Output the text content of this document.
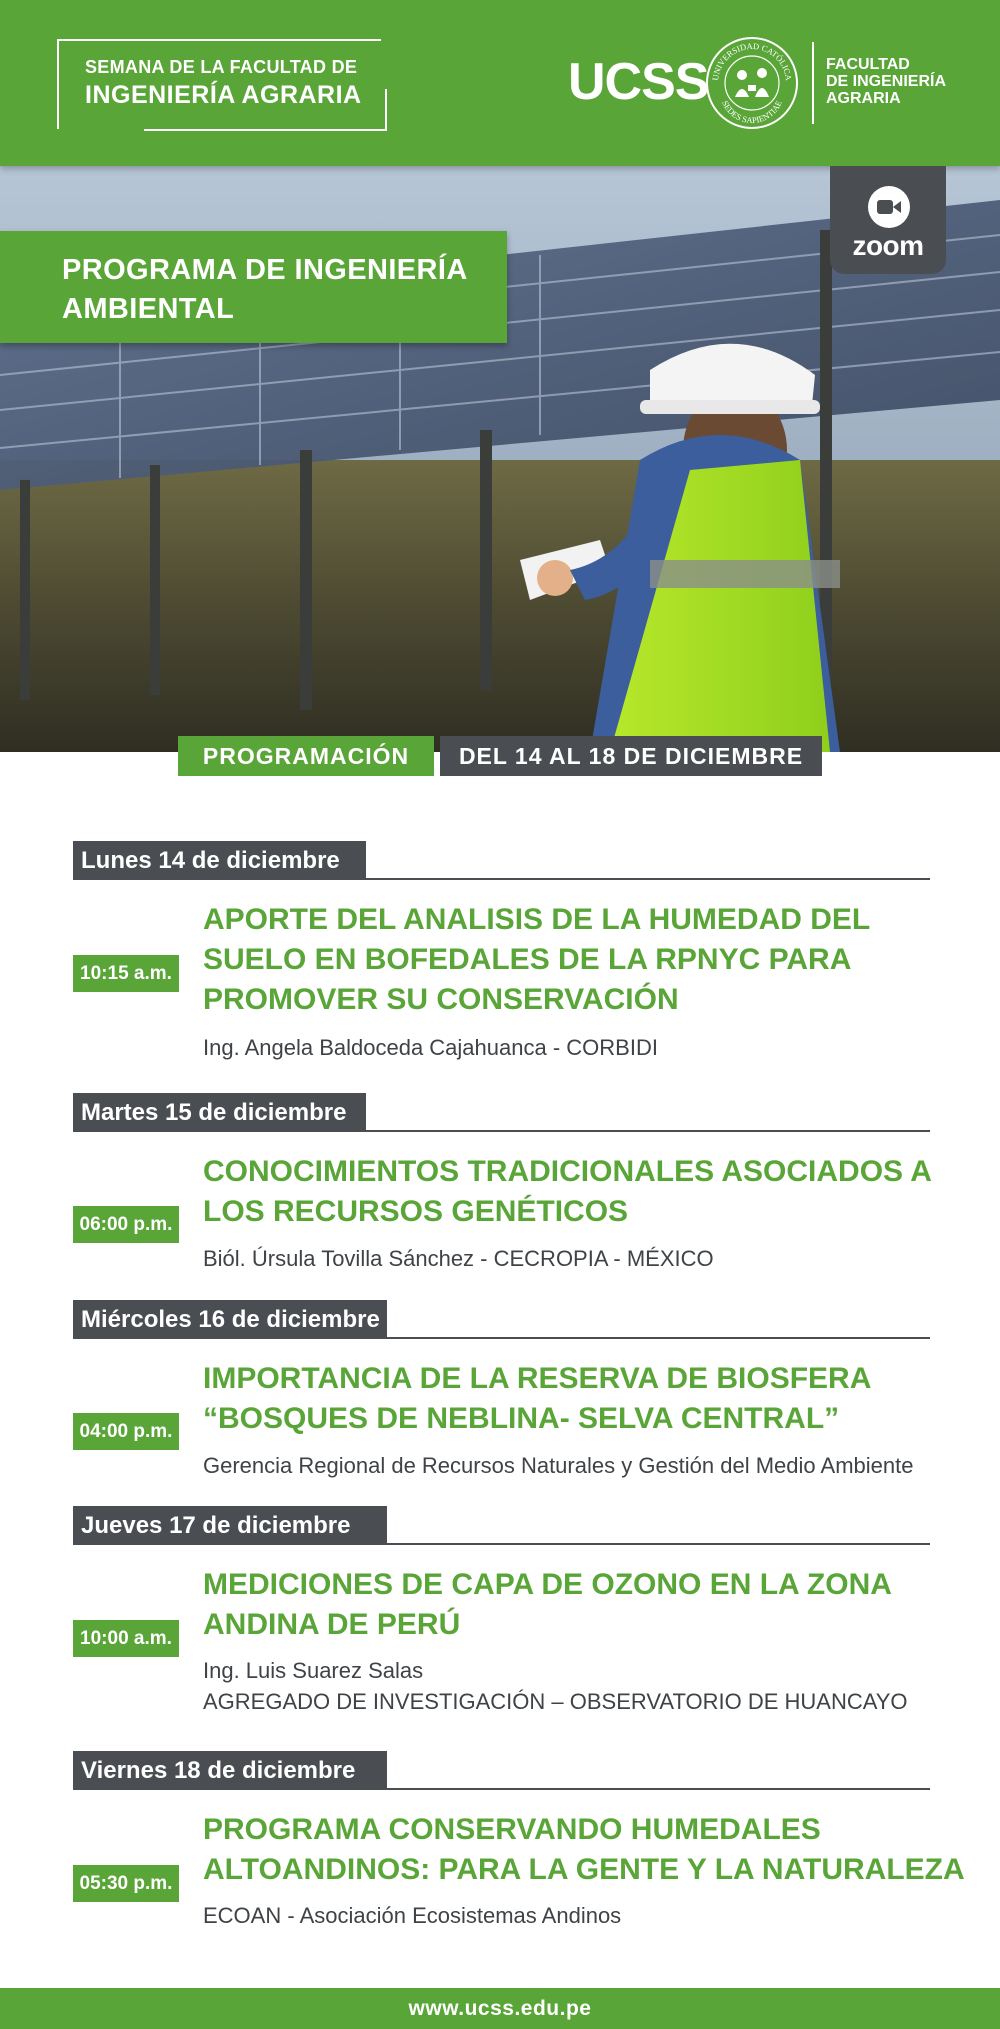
SEMANA DE LA FACULTAD DE
INGENIERÍA AGRARIA	UCSS UNIVERSIDAD CATÓLICA
SEDES SAPIENTIAE
FACULTAD
DE INGENIERÍA
AGRARIA
PROGRAMA DE INGENIERÍA
AMBIENTAL
zoom
PROGRAMACIÓN	DEL 14 AL 18 DE DICIEMBRE
Lunes 14 de diciembre
10:15 a.m.
APORTE DEL ANALISIS DE LA HUMEDAD DEL
SUELO EN BOFEDALES DE LA RPNYC PARA
PROMOVER SU CONSERVACIÓN
Ing. Angela Baldoceda Cajahuanca - CORBIDI
Martes 15 de diciembre
06:00 p.m.
CONOCIMIENTOS TRADICIONALES ASOCIADOS A
LOS RECURSOS GENÉTICOS
Biól. Úrsula Tovilla Sánchez - CECROPIA - MÉXICO
Miércoles 16 de diciembre
04:00 p.m.
IMPORTANCIA DE LA RESERVA DE BIOSFERA
“BOSQUES DE NEBLINA- SELVA CENTRAL”
Gerencia Regional de Recursos Naturales y Gestión del Medio Ambiente
Jueves 17 de diciembre
10:00 a.m.
MEDICIONES DE CAPA DE OZONO EN LA ZONA
ANDINA DE PERÚ
Ing. Luis Suarez Salas
AGREGADO DE INVESTIGACIÓN – OBSERVATORIO DE HUANCAYO
Viernes 18 de diciembre
05:30 p.m.
PROGRAMA CONSERVANDO HUMEDALES
ALTOANDINOS: PARA LA GENTE Y LA NATURALEZA
ECOAN - Asociación Ecosistemas Andinos
www.ucss.edu.pe
